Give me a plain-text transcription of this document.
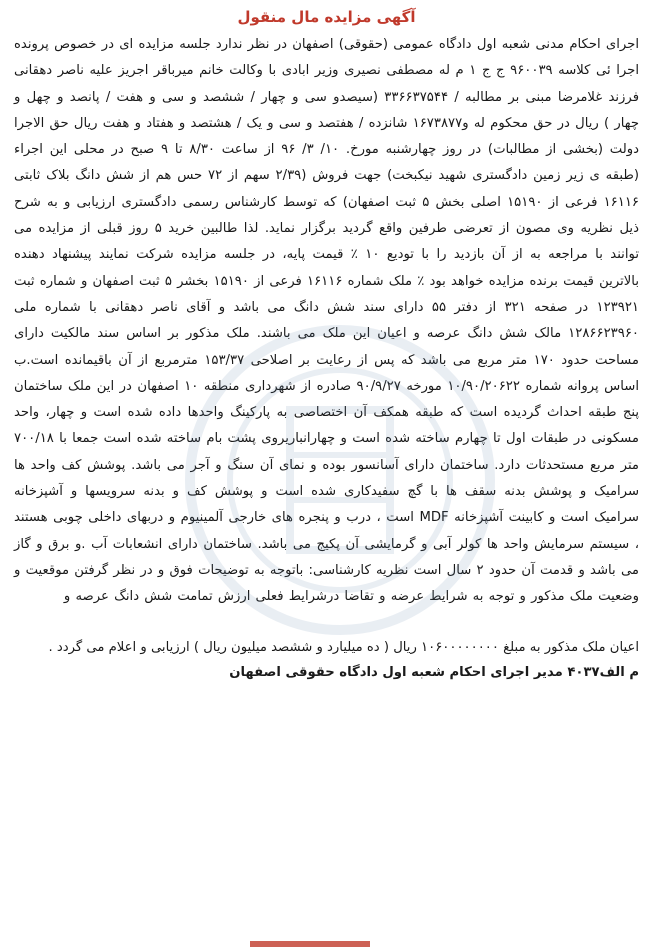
آگهی مزایده مال منقول

اجرای احکام مدنی شعبه اول دادگاه عمومی (حقوقی) اصفهان در نظر ندارد جلسه مزایده ای در خصوص پرونده اجرا ئی کلاسه ۹۶۰۰۳۹ ج ج ۱ م له مصطفی نصیری وزیر ابادی با وکالت خانم میرباقر اجریز علیه ناصر دهقانی فرزند غلامرضا مبنی بر مطالبه / ۳۳۶۶۳۷۵۴۴ (سیصدو سی و چهار / ششصد و سی و هفت / پانصد و چهل و چهار ) ریال در حق محکوم له و۱۶۷۳۸۷۷ شانزده / هفتصد و سی و یک / هشتصد و هفتاد و هفت ریال حق الاجرا دولت (بخشی از مطالبات) در روز چهارشنبه مورخ. ۱۰/ ۳/ ۹۶ از ساعت ۸/۳۰ تا ۹ صبح در محلی این اجراء (طبقه ی زیر زمین دادگستری شهید نیکبخت) جهت فروش (۲/۳۹ سهم از ۷۲ حس هم از شش دانگ بلاک ثابتی ۱۶۱۱۶ فرعی از ۱۵۱۹۰ اصلی بخش ۵ ثبت اصفهان) که توسط کارشناس رسمی دادگستری ارزیابی و به شرح ذیل نظریه وی مصون از تعرضی طرفین واقع گردید برگزار نماید. لذا طالبین خرید ۵ روز قبلی از مزایده می توانند با مراجعه به از آن بازدید را با تودیع ۱۰ ٪ قیمت پایه، در جلسه مزایده شرکت نمایند پیشنهاد دهنده بالاترین قیمت برنده مزایده خواهد بود ٪ ملک شماره ۱۶۱۱۶ فرعی از ۱۵۱۹۰ بخشر ۵ ثبت اصفهان و شماره ثبت ۱۲۳۹۲۱ در صفحه ۳۲۱ از دفتر ۵۵ دارای سند شش دانگ می باشد و آقای ناصر دهقانی با شماره ملی ۱۲۸۶۶۲۳۹۶۰ مالک شش دانگ عرصه و اعیان این ملک می باشند. ملک مذکور بر اساس سند مالکیت دارای مساحت حدود ۱۷۰ متر مربع می باشد که پس از رعایت بر اصلاحی ۱۵۳/۳۷ مترمربع از آن باقیمانده است.ب اساس پروانه شماره ۱۰/۹۰/۲۰۶۲۲ مورخه ۹۰/۹/۲۷ صادره از شهرداری منطقه ۱۰ اصفهان در این ملک ساختمان پنج طبقه احداث گردیده است که طبقه همکف آن اختصاصی به پارکینگ واحدها داده شده است و چهار، واحد مسکونی در طبقات اول تا چهارم ساخته شده است و چهارانباریروی پشت بام ساخته شده است جمعا با ۷۰۰/۱۸ متر مربع مستحدثات دارد. ساختمان دارای آسانسور بوده و نمای آن سنگ و آجر می باشد. پوشش کف واحد ها سرامیک و پوشش بدنه سقف ها با گچ سفیدکاری شده است و پوشش کف و بدنه سرویسها و آشپزخانه سرامیک است و کابینت آشپزخانه MDF است ، درب و پنجره های خارجی آلمینیوم و دربهای داخلی چوبی هستند ، سیستم سرمایش واحد ها کولر آبی و گرمایشی آن پکیج می باشد. ساختمان دارای انشعابات آب .و برق و گاز می باشد و قدمت آن حدود ۲ سال است نظریه کارشناسی: باتوجه به توضیحات فوق و در نظر گرفتن موقعیت و وضعیت ملک مذکور و توجه به شرایط عرضه و تقاضا درشرایط فعلی ارزش تمامت شش دانگ عرصه و

اعیان ملک مذکور به مبلغ ۱۰۶۰۰۰۰۰۰۰۰ ریال ( ده میلیارد و ششصد میلیون ریال ) ارزیابی و اعلام می گردد .

م الف۴۰۳۷ مدیر اجرای احکام شعبه اول دادگاه حقوقی اصفهان
